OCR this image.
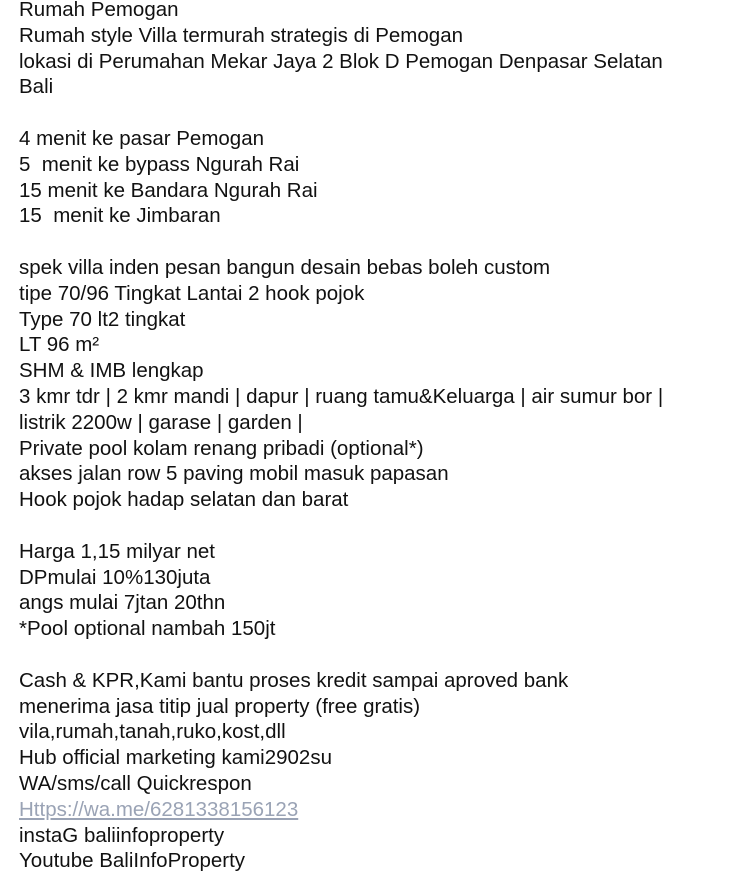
Rumah Pemogan
Rumah style Villa termurah strategis di Pemogan
lokasi di Perumahan Mekar Jaya 2 Blok D Pemogan Denpasar Selatan
Bali
4 menit ke pasar Pemogan
5  menit ke bypass Ngurah Rai
15 menit ke Bandara Ngurah Rai
15  menit ke Jimbaran
spek villa inden pesan bangun desain bebas boleh custom
tipe 70/96 Tingkat Lantai 2 hook pojok
Type 70 lt2 tingkat
LT 96 m²
SHM & IMB lengkap
3 kmr tdr | 2 kmr mandi | dapur | ruang tamu&Keluarga | air sumur bor |
listrik 2200w | garase | garden |
Private pool kolam renang pribadi (optional*)
akses jalan row 5 paving mobil masuk papasan
Hook pojok hadap selatan dan barat
Harga 1,15 milyar net
DPmulai 10%130juta
angs mulai 7jtan 20thn
*Pool optional nambah 150jt
Cash & KPR,Kami bantu proses kredit sampai aproved bank
menerima jasa titip jual property (free gratis)
vila,rumah,tanah,ruko,kost,dll
Hub official marketing kami2902su
WA/sms/call Quickrespon
Https://wa.me/6281338156123
instaG baliinfoproperty
Youtube BaliInfoProperty
